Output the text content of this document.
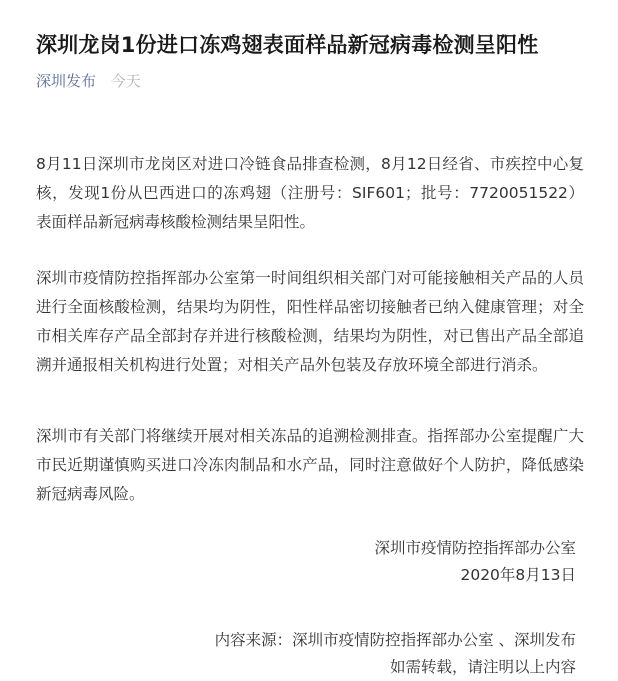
深圳龙岗1份进口冻鸡翅表面样品新冠病毒检测呈阳性
深圳发布 今天

8月11日深圳市龙岗区对进口冷链食品排查检测，8月12日经省、市疾控中心复核，发现1份从巴西进口的冻鸡翅（注册号：SIF601；批号：7720051522）表面样品新冠病毒核酸检测结果呈阳性。

深圳市疫情防控指挥部办公室第一时间组织相关部门对可能接触相关产品的人员进行全面核酸检测，结果均为阴性，阳性样品密切接触者已纳入健康管理；对全市相关库存产品全部封存并进行核酸检测，结果均为阴性，对已售出产品全部追溯并通报相关机构进行处置；对相关产品外包装及存放环境全部进行消杀。

深圳市有关部门将继续开展对相关冻品的追溯检测排查。指挥部办公室提醒广大市民近期谨慎购买进口冷冻肉制品和水产品，同时注意做好个人防护，降低感染新冠病毒风险。

深圳市疫情防控指挥部办公室
2020年8月13日
内容来源：深圳市疫情防控指挥部办公室 、深圳发布
如需转载，请注明以上内容
